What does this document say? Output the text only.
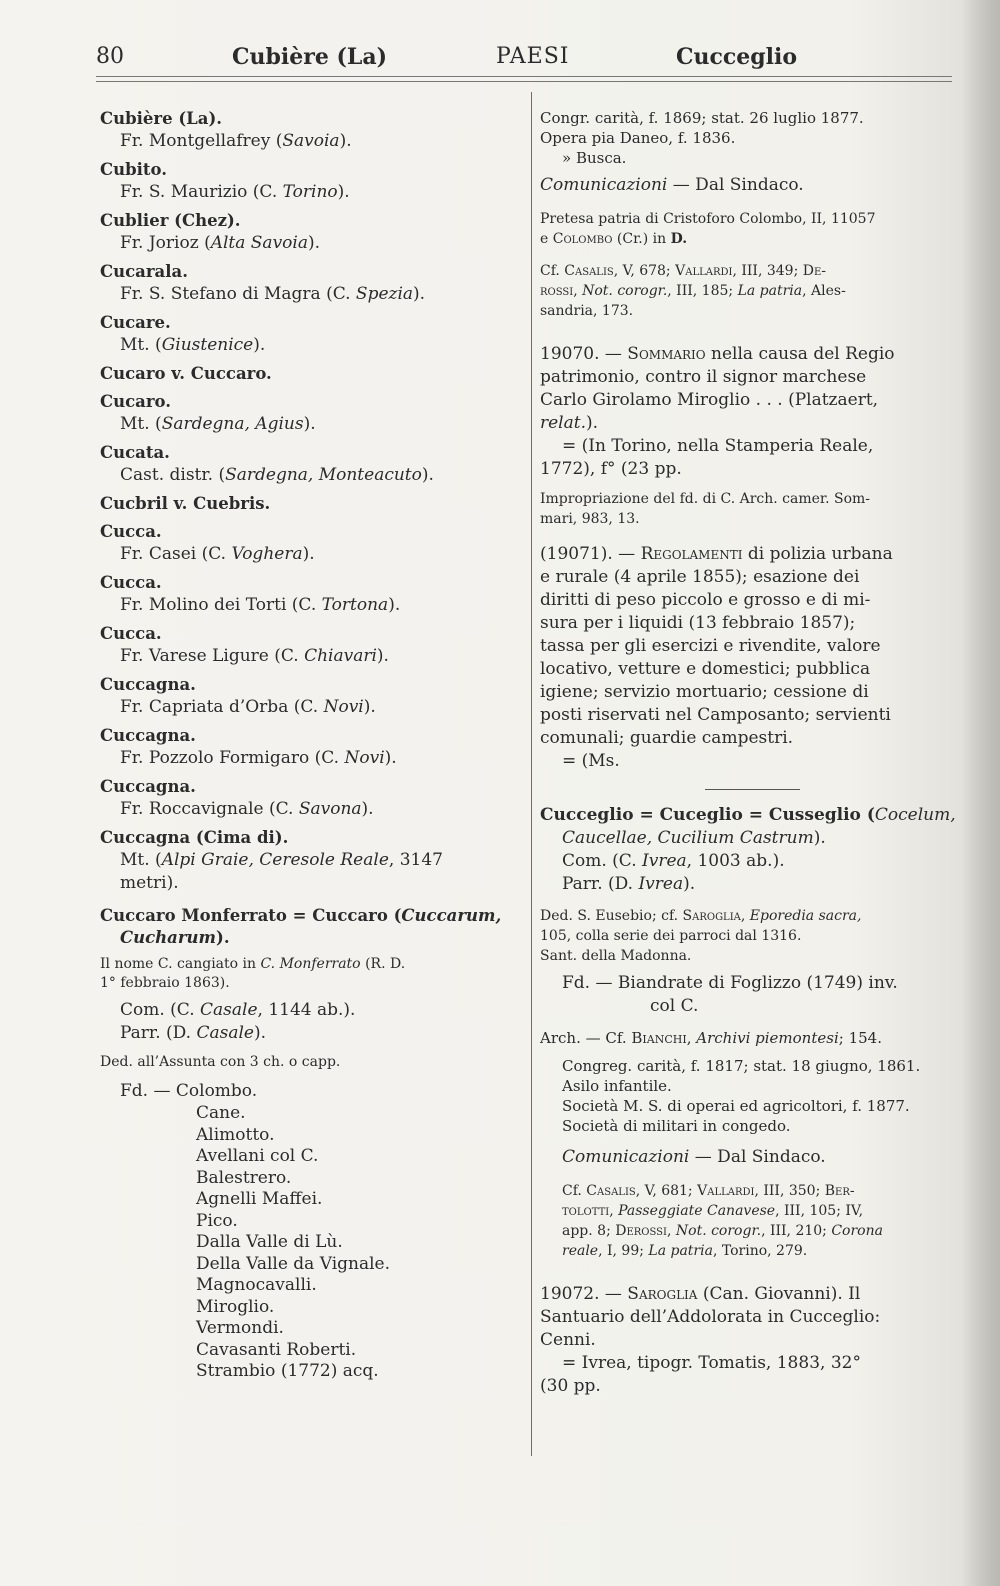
80	Cubière (La)	PAESI	Cucceglio
Cubière (La).
Fr. Montgellafrey (Savoia).
Cubito.
Fr. S. Maurizio (C. Torino).
Cublier (Chez).
Fr. Jorioz (Alta Savoia).
Cucarala.
Fr. S. Stefano di Magra (C. Spezia).
Cucare.
Mt. (Giustenice).
Cucaro v. Cuccaro.
Cucaro.
Mt. (Sardegna, Agius).
Cucata.
Cast. distr. (Sardegna, Monteacuto).
Cucbril v. Cuebris.
Cucca.
Fr. Casei (C. Voghera).
Cucca.
Fr. Molino dei Torti (C. Tortona).
Cucca.
Fr. Varese Ligure (C. Chiavari).
Cuccagna.
Fr. Capriata d’Orba (C. Novi).
Cuccagna.
Fr. Pozzolo Formigaro (C. Novi).
Cuccagna.
Fr. Roccavignale (C. Savona).
Cuccagna (Cima di).
Mt. (Alpi Graie, Ceresole Reale, 3147
metri).
Cuccaro Monferrato = Cuccaro (Cuccarum,
Cucharum).
Il nome C. cangiato in C. Monferrato (R. D.
1° febbraio 1863).
Com. (C. Casale, 1144 ab.).
Parr. (D. Casale).
Ded. all’Assunta con 3 ch. o capp.
Fd. — Colombo.
Cane.
Alimotto.
Avellani col C.
Balestrero.
Agnelli Maffei.
Pico.
Dalla Valle di Lù.
Della Valle da Vignale.
Magnocavalli.
Miroglio.
Vermondi.
Cavasanti Roberti.
Strambio (1772) acq.
Congr. carità, f. 1869; stat. 26 luglio 1877.
Opera pia Daneo, f. 1836.
» Busca.
Comunicazioni — Dal Sindaco.
Pretesa patria di Cristoforo Colombo, II, 11057
e Colombo (Cr.) in D.
Cf. Casalis, V, 678; Vallardi, III, 349; De-
rossi, Not. corogr., III, 185; La patria, Ales-
sandria, 173.
19070. — Sommario nella causa del Regio
patrimonio, contro il signor marchese
Carlo Girolamo Miroglio . . . (Platzaert,
relat.).
= (In Torino, nella Stamperia Reale,
1772), f° (23 pp.
Impropriazione del fd. di C. Arch. camer. Som-
mari, 983, 13.
(19071). — Regolamenti di polizia urbana
e rurale (4 aprile 1855); esazione dei
diritti di peso piccolo e grosso e di mi-
sura per i liquidi (13 febbraio 1857);
tassa per gli esercizi e rivendite, valore
locativo, vetture e domestici; pubblica
igiene; servizio mortuario; cessione di
posti riservati nel Camposanto; servienti
comunali; guardie campestri.
= (Ms.
Cucceglio = Cuceglio = Cusseglio (Cocelum,
Caucellae, Cucilium Castrum).
Com. (C. Ivrea, 1003 ab.).
Parr. (D. Ivrea).
Ded. S. Eusebio; cf. Saroglia, Eporedia sacra,
105, colla serie dei parroci dal 1316.
Sant. della Madonna.
Fd. — Biandrate di Foglizzo (1749) inv.
col C.
Arch. — Cf. Bianchi, Archivi piemontesi; 154.
Congreg. carità, f. 1817; stat. 18 giugno, 1861.
Asilo infantile.
Società M. S. di operai ed agricoltori, f. 1877.
Società di militari in congedo.
Comunicazioni — Dal Sindaco.
Cf. Casalis, V, 681; Vallardi, III, 350; Ber-
tolotti, Passeggiate Canavese, III, 105; IV,
app. 8; Derossi, Not. corogr., III, 210; Corona
reale, I, 99; La patria, Torino, 279.
19072. — Saroglia (Can. Giovanni). Il
Santuario dell’Addolorata in Cucceglio:
Cenni.
= Ivrea, tipogr. Tomatis, 1883, 32°
(30 pp.
